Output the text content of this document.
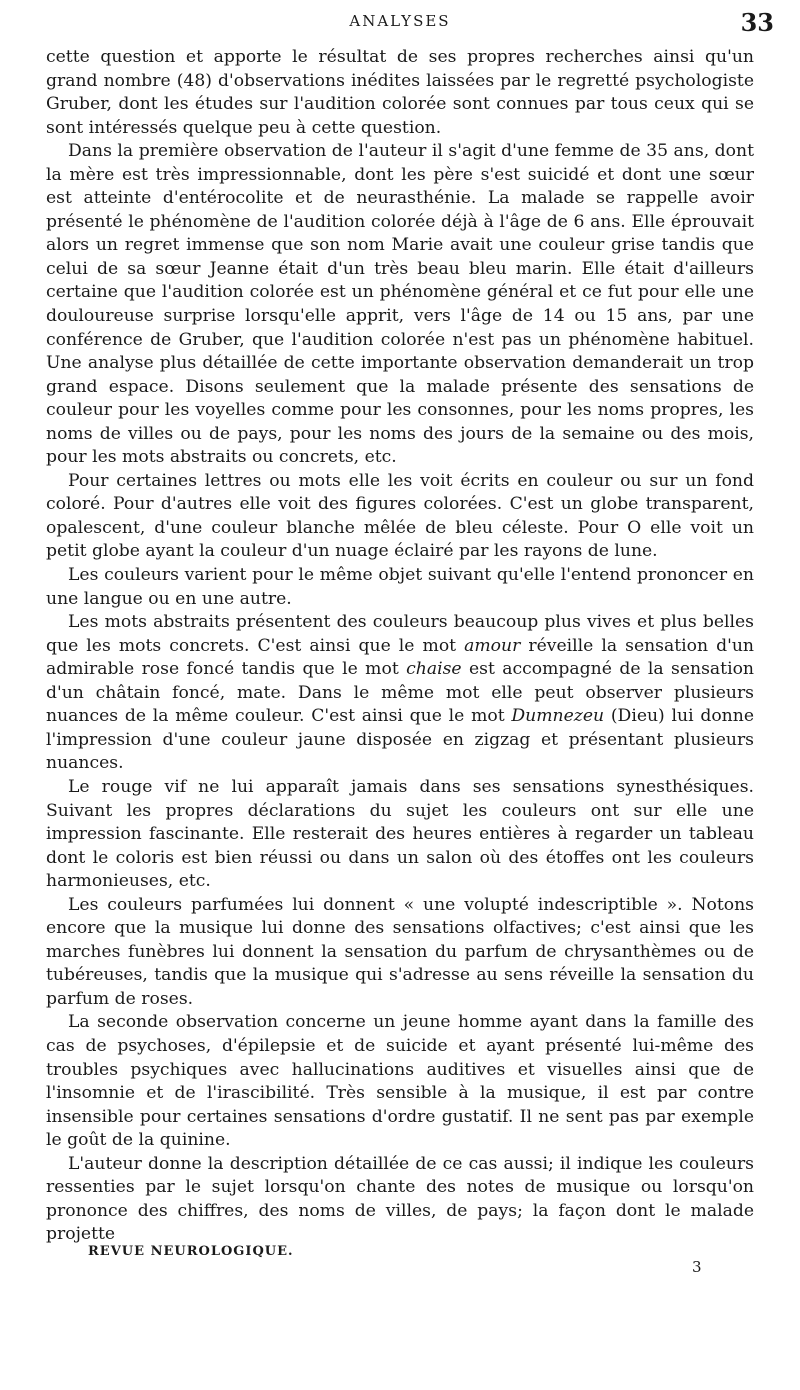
ANALYSES	33

cette question et apporte le résultat de ses propres recherches ainsi qu'un grand nombre (48) d'observations inédites laissées par le regretté psychologiste Gruber, dont les études sur l'audition colorée sont connues par tous ceux qui se sont intéressés quelque peu à cette question.

Dans la première observation de l'auteur il s'agit d'une femme de 35 ans, dont la mère est très impressionnable, dont les père s'est suicidé et dont une sœur est atteinte d'entérocolite et de neurasthénie. La malade se rappelle avoir présenté le phénomène de l'audition colorée déjà à l'âge de 6 ans. Elle éprouvait alors un regret immense que son nom Marie avait une couleur grise tandis que celui de sa sœur Jeanne était d'un très beau bleu marin. Elle était d'ailleurs certaine que l'audition colorée est un phénomène général et ce fut pour elle une douloureuse surprise lorsqu'elle apprit, vers l'âge de 14 ou 15 ans, par une conférence de Gruber, que l'audition colorée n'est pas un phénomène habituel. Une analyse plus détaillée de cette importante observation demanderait un trop grand espace. Disons seulement que la malade présente des sensations de couleur pour les voyelles comme pour les consonnes, pour les noms propres, les noms de villes ou de pays, pour les noms des jours de la semaine ou des mois, pour les mots abstraits ou concrets, etc.

Pour certaines lettres ou mots elle les voit écrits en couleur ou sur un fond coloré. Pour d'autres elle voit des figures colorées. C'est un globe transparent, opalescent, d'une couleur blanche mêlée de bleu céleste. Pour O elle voit un petit globe ayant la couleur d'un nuage éclairé par les rayons de lune.

Les couleurs varient pour le même objet suivant qu'elle l'entend prononcer en une langue ou en une autre.

Les mots abstraits présentent des couleurs beaucoup plus vives et plus belles que les mots concrets. C'est ainsi que le mot amour réveille la sensation d'un admirable rose foncé tandis que le mot chaise est accompagné de la sensation d'un châtain foncé, mate. Dans le même mot elle peut observer plusieurs nuances de la même couleur. C'est ainsi que le mot Dumnezeu (Dieu) lui donne l'impression d'une couleur jaune disposée en zigzag et présentant plusieurs nuances.

Le rouge vif ne lui apparaît jamais dans ses sensations synesthésiques. Suivant les propres déclarations du sujet les couleurs ont sur elle une impression fascinante. Elle resterait des heures entières à regarder un tableau dont le coloris est bien réussi ou dans un salon où des étoffes ont les couleurs harmonieuses, etc.

Les couleurs parfumées lui donnent « une volupté indescriptible ». Notons encore que la musique lui donne des sensations olfactives; c'est ainsi que les marches funèbres lui donnent la sensation du parfum de chrysanthèmes ou de tubéreuses, tandis que la musique qui s'adresse au sens réveille la sensation du parfum de roses.

La seconde observation concerne un jeune homme ayant dans la famille des cas de psychoses, d'épilepsie et de suicide et ayant présenté lui-même des troubles psychiques avec hallucinations auditives et visuelles ainsi que de l'insomnie et de l'irascibilité. Très sensible à la musique, il est par contre insensible pour certaines sensations d'ordre gustatif. Il ne sent pas par exemple le goût de la quinine.

L'auteur donne la description détaillée de ce cas aussi; il indique les couleurs ressenties par le sujet lorsqu'on chante des notes de musique ou lorsqu'on prononce des chiffres, des noms de villes, de pays; la façon dont le malade projette

REVUE NEUROLOGIQUE.
3
